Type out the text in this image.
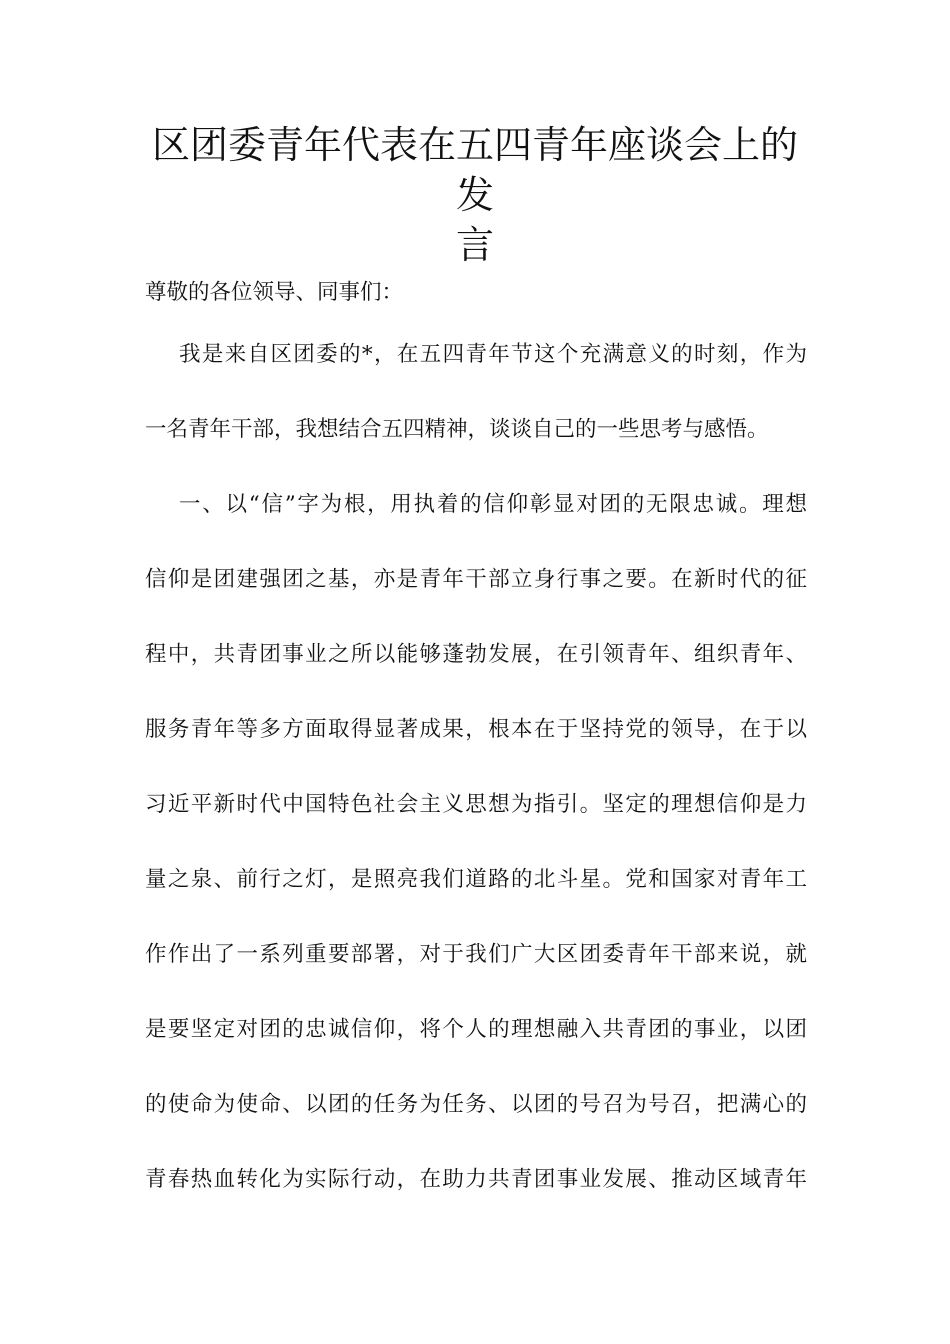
区团委青年代表在五四青年座谈会上的发
言

尊敬的各位领导、同事们：

我是来自区团委的*，在五四青年节这个充满意义的时刻，作为
一名青年干部，我想结合五四精神，谈谈自己的一些思考与感悟。
一、以“信”字为根，用执着的信仰彰显对团的无限忠诚。理想
信仰是团建强团之基，亦是青年干部立身行事之要。在新时代的征
程中，共青团事业之所以能够蓬勃发展，在引领青年、组织青年、
服务青年等多方面取得显著成果，根本在于坚持党的领导，在于以
习近平新时代中国特色社会主义思想为指引。坚定的理想信仰是力
量之泉、前行之灯，是照亮我们道路的北斗星。党和国家对青年工
作作出了一系列重要部署，对于我们广大区团委青年干部来说，就
是要坚定对团的忠诚信仰，将个人的理想融入共青团的事业，以团
的使命为使命、以团的任务为任务、以团的号召为号召，把满心的
青春热血转化为实际行动，在助力共青团事业发展、推动区域青年
